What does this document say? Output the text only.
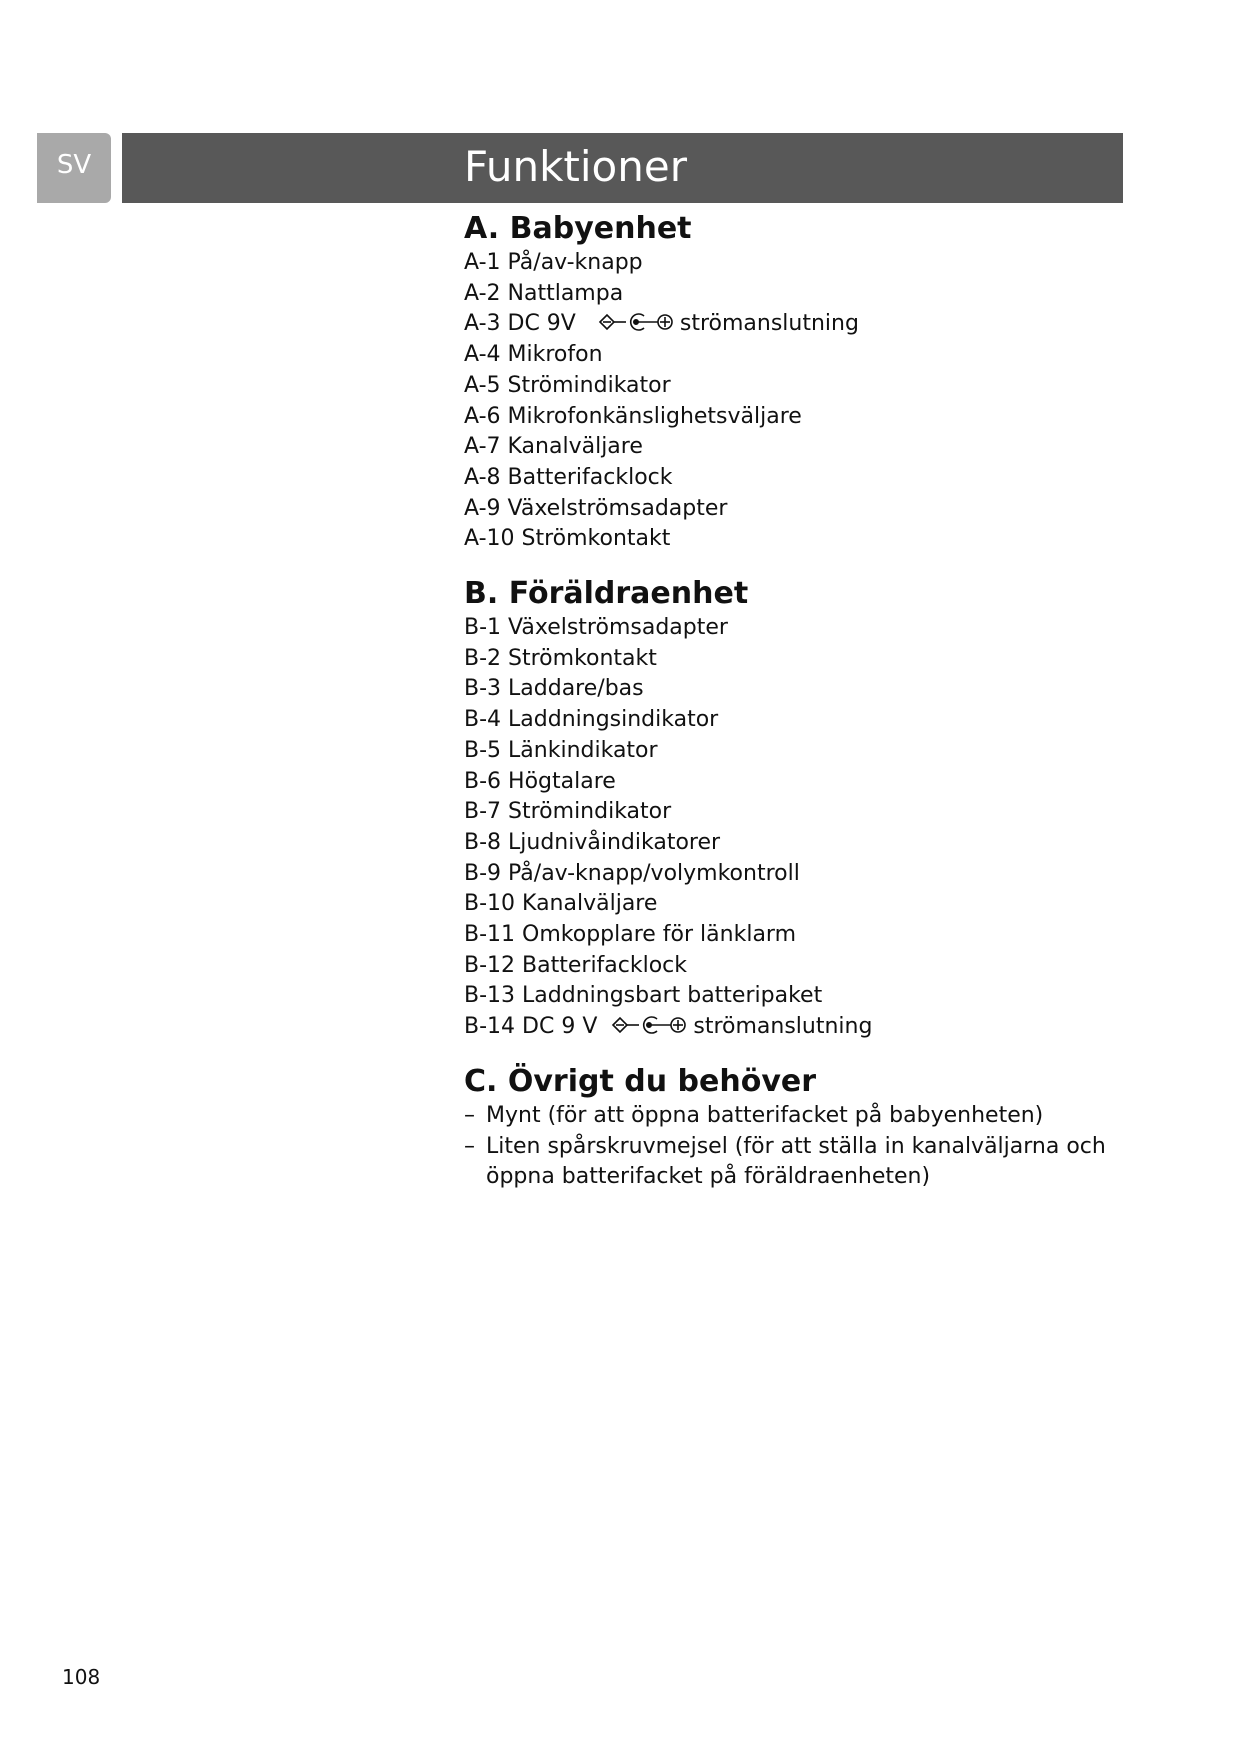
SV	Funktioner
A. Babyenhet
A-1 På/av-knapp
A-2 Nattlampa
A-3 DC 9V	strömanslutning
A-4 Mikrofon
A-5 Strömindikator
A-6 Mikrofonkänslighetsväljare
A-7 Kanalväljare
A-8 Batterifacklock
A-9 Växelströmsadapter
A-10 Strömkontakt
B. Föräldraenhet
B-1 Växelströmsadapter
B-2 Strömkontakt
B-3 Laddare/bas
B-4 Laddningsindikator
B-5 Länkindikator
B-6 Högtalare
B-7 Strömindikator
B-8 Ljudnivåindikatorer
B-9 På/av-knapp/volymkontroll
B-10 Kanalväljare
B-11 Omkopplare för länklarm
B-12 Batterifacklock
B-13 Laddningsbart batteripaket
B-14 DC 9 V	strömanslutning
C. Övrigt du behöver
– Mynt (för att öppna batterifacket på babyenheten)
– Liten spårskruvmejsel (för att ställa in kanalväljarna och öppna batterifacket på föräldraenheten)
108
